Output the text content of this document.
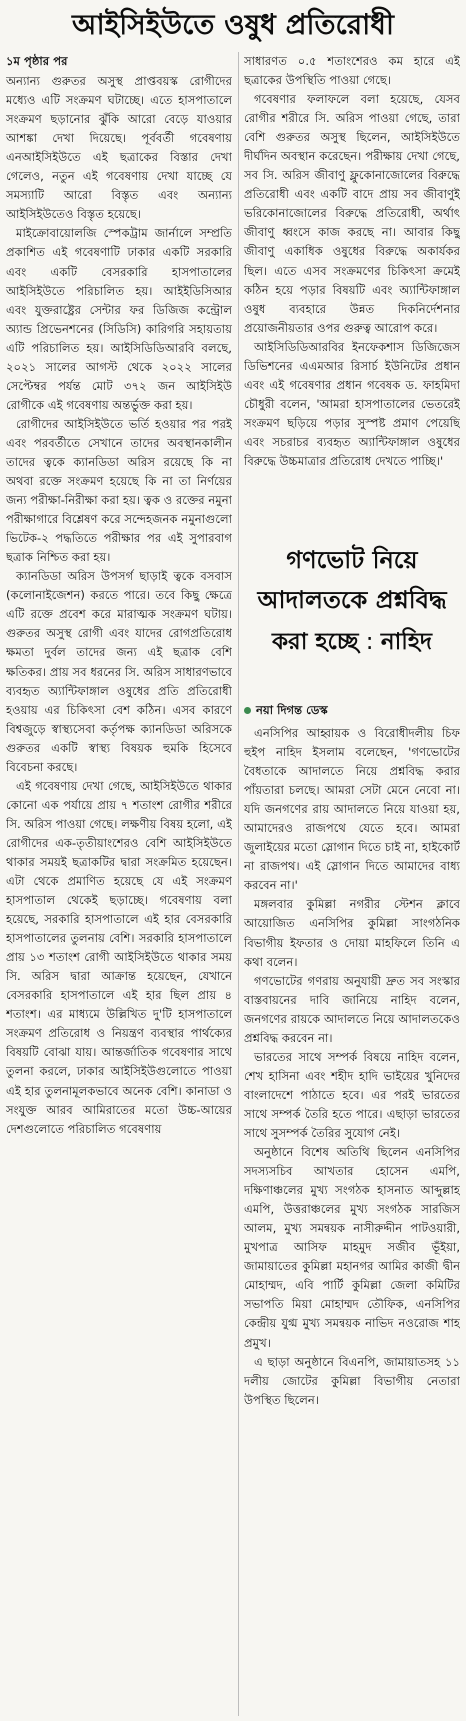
আইসিইউতে ওষুধ প্রতিরোধী
১ম পৃষ্ঠার পর

অন্যান্য গুরুতর অসুস্থ প্রাপ্তবয়স্ক রোগীদের মধ্যেও এটি সংক্রমণ ঘটাচ্ছে। এতে হাসপাতালে সংক্রমণ ছড়ানোর ঝুঁকি আরো বেড়ে যাওয়ার আশঙ্কা দেখা দিয়েছে। পূর্ববর্তী গবেষণায় এনআইসিইউতে এই ছত্রাকের বিস্তার দেখা গেলেও, নতুন এই গবেষণায় দেখা যাচ্ছে যে সমস্যাটি আরো বিস্তৃত এবং অন্যান্য আইসিইউতেও বিস্তৃত হয়েছে।

মাইক্রোবায়োলজি স্পেকট্রাম জার্নালে সম্প্রতি প্রকাশিত এই গবেষণাটি ঢাকার একটি সরকারি এবং একটি বেসরকারি হাসপাতালের আইসিইউতে পরিচালিত হয়। আইইডিসিআর এবং যুক্তরাষ্ট্রের সেন্টার ফর ডিজিজ কন্ট্রোল অ্যান্ড প্রিভেনশনের (সিডিসি) কারিগরি সহায়তায় এটি পরিচালিত হয়। আইসিডিডিআরবি বলছে, ২০২১ সালের আগস্ট থেকে ২০২২ সালের সেপ্টেম্বর পর্যন্ত মোট ৩৭২ জন আইসিইউ রোগীকে এই গবেষণায় অন্তর্ভুক্ত করা হয়।

রোগীদের আইসিইউতে ভর্তি হওয়ার পর পরই এবং পরবর্তীতে সেখানে তাদের অবস্থানকালীন তাদের ত্বকে ক্যানডিডা অরিস রয়েছে কি না অথবা রক্তে সংক্রমণ হয়েছে কি না তা নির্ণয়ের জন্য পরীক্ষা-নিরীক্ষা করা হয়। ত্বক ও রক্তের নমুনা পরীক্ষাগারে বিশ্লেষণ করে সন্দেহজনক নমুনাগুলো ভিটেক-২ পদ্ধতিতে পরীক্ষার পর এই সুপারবাগ ছত্রাক নিশ্চিত করা হয়।

ক্যানডিডা অরিস উপসর্গ ছাড়াই ত্বকে বসবাস (কলোনাইজেশন) করতে পারে। তবে কিছু ক্ষেত্রে এটি রক্তে প্রবেশ করে মারাত্মক সংক্রমণ ঘটায়। গুরুতর অসুস্থ রোগী এবং যাদের রোগপ্রতিরোধ ক্ষমতা দুর্বল তাদের জন্য এই ছত্রাক বেশি ক্ষতিকর। প্রায় সব ধরনের সি. অরিস সাধারণভাবে ব্যবহৃত অ্যান্টিফাঙ্গাল ওষুধের প্রতি প্রতিরোধী হওয়ায় এর চিকিৎসা বেশ কঠিন। এসব কারণে বিশ্বজুড়ে স্বাস্থ্যসেবা কর্তৃপক্ষ ক্যানডিডা অরিসকে গুরুতর একটি স্বাস্থ্য বিষয়ক হুমকি হিসেবে বিবেচনা করছে।

এই গবেষণায় দেখা গেছে, আইসিইউতে থাকার কোনো এক পর্যায়ে প্রায় ৭ শতাংশ রোগীর শরীরে সি. অরিস পাওয়া গেছে। লক্ষণীয় বিষয় হলো, এই রোগীদের এক-তৃতীয়াংশেরও বেশি আইসিইউতে থাকার সময়ই ছত্রাকটির দ্বারা সংক্রমিত হয়েছেন। এটা থেকে প্রমাণিত হয়েছে যে এই সংক্রমণ হাসপাতাল থেকেই ছড়াচ্ছে। গবেষণায় বলা হয়েছে, সরকারি হাসপাতালে এই হার বেসরকারি হাসপাতালের তুলনায় বেশি। সরকারি হাসপাতালে প্রায় ১৩ শতাংশ রোগী আইসিইউতে থাকার সময় সি. অরিস দ্বারা আক্রান্ত হয়েছেন, যেখানে বেসরকারি হাসপাতালে এই হার ছিল প্রায় ৪ শতাংশ। এর মাধ্যমে উল্লিখিত দু'টি হাসপাতালে সংক্রমণ প্রতিরোধ ও নিয়ন্ত্রণ ব্যবস্থার পার্থক্যের বিষয়টি বোঝা যায়। আন্তর্জাতিক গবেষণার সাথে তুলনা করলে, ঢাকার আইসিইউগুলোতে পাওয়া এই হার তুলনামূলকভাবে অনেক বেশি। কানাডা ও সংযুক্ত আরব আমিরাতের মতো উচ্চ-আয়ের দেশগুলোতে পরিচালিত গবেষণায়

সাধারণত ০.৫ শতাংশেরও কম হারে এই ছত্রাকের উপস্থিতি পাওয়া গেছে।

গবেষণার ফলাফলে বলা হয়েছে, যেসব রোগীর শরীরে সি. অরিস পাওয়া গেছে, তারা বেশি গুরুতর অসুস্থ ছিলেন, আইসিইউতে দীর্ঘদিন অবস্থান করেছেন। পরীক্ষায় দেখা গেছে, সব সি. অরিস জীবাণু ফ্লুকোনাজোলের বিরুদ্ধে প্রতিরোধী এবং একটি বাদে প্রায় সব জীবাণুই ভরিকোনাজোলের বিরুদ্ধে প্রতিরোধী, অর্থাৎ জীবাণু ধ্বংসে কাজ করছে না। আবার কিছু জীবাণু একাধিক ওষুধের বিরুদ্ধে অকার্যকর ছিল। এতে এসব সংক্রমণের চিকিৎসা ক্রমেই কঠিন হয়ে পড়ার বিষয়টি এবং অ্যান্টিফাঙ্গাল ওষুধ ব্যবহারে উন্নত দিকনির্দেশনার প্রয়োজনীয়তার ওপর গুরুত্ব আরোপ করে।

আইসিডিডিআরবির ইনফেকশাস ডিজিজেস ডিভিশনের এএমআর রিসার্চ ইউনিটের প্রধান এবং এই গবেষণার প্রধান গবেষক ড. ফাহমিদা চৌধুরী বলেন, 'আমরা হাসপাতালের ভেতরেই সংক্রমণ ছড়িয়ে পড়ার সুস্পষ্ট প্রমাণ পেয়েছি এবং সচরাচর ব্যবহৃত অ্যান্টিফাঙ্গাল ওষুধের বিরুদ্ধে উচ্চমাত্রার প্রতিরোধ দেখতে পাচ্ছি।'

গণভোট নিয়ে
আদালতকে প্রশ্নবিদ্ধ
করা হচ্ছে : নাহিদ
নয়া দিগন্ত ডেস্ক

এনসিপির আহ্বায়ক ও বিরোধীদলীয় চিফ হুইপ নাহিদ ইসলাম বলেছেন, 'গণভোটের বৈধতাকে আদালতে নিয়ে প্রশ্নবিদ্ধ করার পাঁয়তারা চলছে। আমরা সেটা মেনে নেবো না। যদি জনগণের রায় আদালতে নিয়ে যাওয়া হয়, আমাদেরও রাজপথে যেতে হবে। আমরা জুলাইয়ের মতো স্লোগান দিতে চাই না, হাইকোর্ট না রাজপথ। এই স্লোগান দিতে আমাদের বাধ্য করবেন না।'

মঙ্গলবার কুমিল্লা নগরীর স্টেশন ক্লাবে আয়োজিত এনসিপির কুমিল্লা সাংগঠনিক বিভাগীয় ইফতার ও দোয়া মাহফিলে তিনি এ কথা বলেন।

গণভোটের গণরায় অনুযায়ী দ্রুত সব সংস্কার বাস্তবায়নের দাবি জানিয়ে নাহিদ বলেন, জনগণের রায়কে আদালতে নিয়ে আদালতকেও প্রশ্নবিদ্ধ করবেন না।

ভারতের সাথে সম্পর্ক বিষয়ে নাহিদ বলেন, শেখ হাসিনা এবং শহীদ হাদি ভাইয়ের খুনিদের বাংলাদেশে পাঠাতে হবে। এর পরই ভারতের সাথে সম্পর্ক তৈরি হতে পারে। এছাড়া ভারতের সাথে সুসম্পর্ক তৈরির সুযোগ নেই।

অনুষ্ঠানে বিশেষ অতিথি ছিলেন এনসিপির সদস্যসচিব আখতার হোসেন এমপি, দক্ষিণাঞ্চলের মুখ্য সংগঠক হাসনাত আব্দুল্লাহ এমপি, উত্তরাঞ্চলের মুখ্য সংগঠক সারজিস আলম, মুখ্য সমন্বয়ক নাসীরুদ্দীন পাটওয়ারী, মুখপাত্র আসিফ মাহমুদ সজীব ভূঁইয়া, জামায়াতের কুমিল্লা মহানগর আমির কাজী দ্বীন মোহাম্মদ, এবি পার্টি কুমিল্লা জেলা কমিটির সভাপতি মিয়া মোহাম্মদ তৌফিক, এনসিপির কেন্দ্রীয় যুগ্ম মুখ্য সমন্বয়ক নাভিদ নওরোজ শাহ প্রমুখ।

এ ছাড়া অনুষ্ঠানে বিএনপি, জামায়াতসহ ১১ দলীয় জোটের কুমিল্লা বিভাগীয় নেতারা উপস্থিত ছিলেন।
